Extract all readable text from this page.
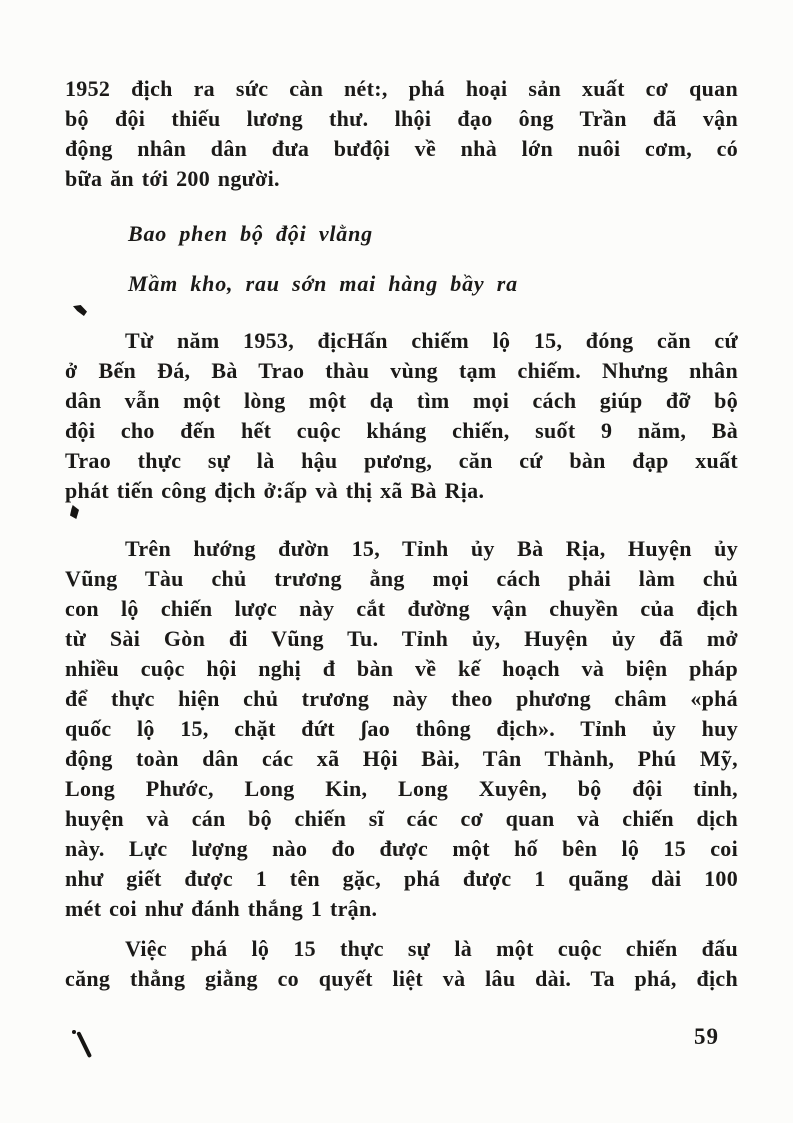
1952 địch ra sức càn nét:, phá hoại sản xuất cơ quan
bộ đội thiếu lương thư. lhội đạo ông Trần đã vận
động nhân dân đưa bưđội về nhà lớn nuôi cơm, có
bữa ăn tới 200 người.
Bao phen bộ đội vlằng
Mầm kho, rau sớn mai hàng bầy ra
Từ năm 1953, địcHấn chiếm lộ 15, đóng căn cứ
ở Bến Đá, Bà Trao thàu vùng tạm chiếm. Nhưng nhân
dân vẫn một lòng một dạ tìm mọi cách giúp đỡ bộ
đội cho đến hết cuộc kháng chiến, suốt 9 năm, Bà
Trao thực sự là hậu pương, căn cứ bàn đạp xuất
phát tiến công địch ở:ấp và thị xã Bà Rịa.
Trên hướng đườn 15, Tỉnh ủy Bà Rịa, Huyện ủy
Vũng Tàu chủ trương ằng mọi cách phải làm chủ
con lộ chiến lược này cắt đường vận chuyền của địch
từ Sài Gòn đi Vũng Tu. Tỉnh ủy, Huyện ủy đã mở
nhiều cuộc hội nghị đ bàn về kế hoạch và biện pháp
để thực hiện chủ trương này theo phương châm «phá
quốc lộ 15, chặt đứt ʃao thông địch». Tỉnh ủy huy
động toàn dân các xã Hội Bài, Tân Thành, Phú Mỹ,
Long Phước, Long Kin, Long Xuyên, bộ đội tỉnh,
huyện và cán bộ chiến sĩ các cơ quan và chiến dịch
này. Lực lượng nào đo được một hố bên lộ 15 coi
như giết được 1 tên gặc, phá được 1 quãng dài 100
mét coi như đánh thắng 1 trận.
Việc phá lộ 15 thực sự là một cuộc chiến đấu
căng thẳng giằng co quyết liệt và lâu dài. Ta phá, địch
59
